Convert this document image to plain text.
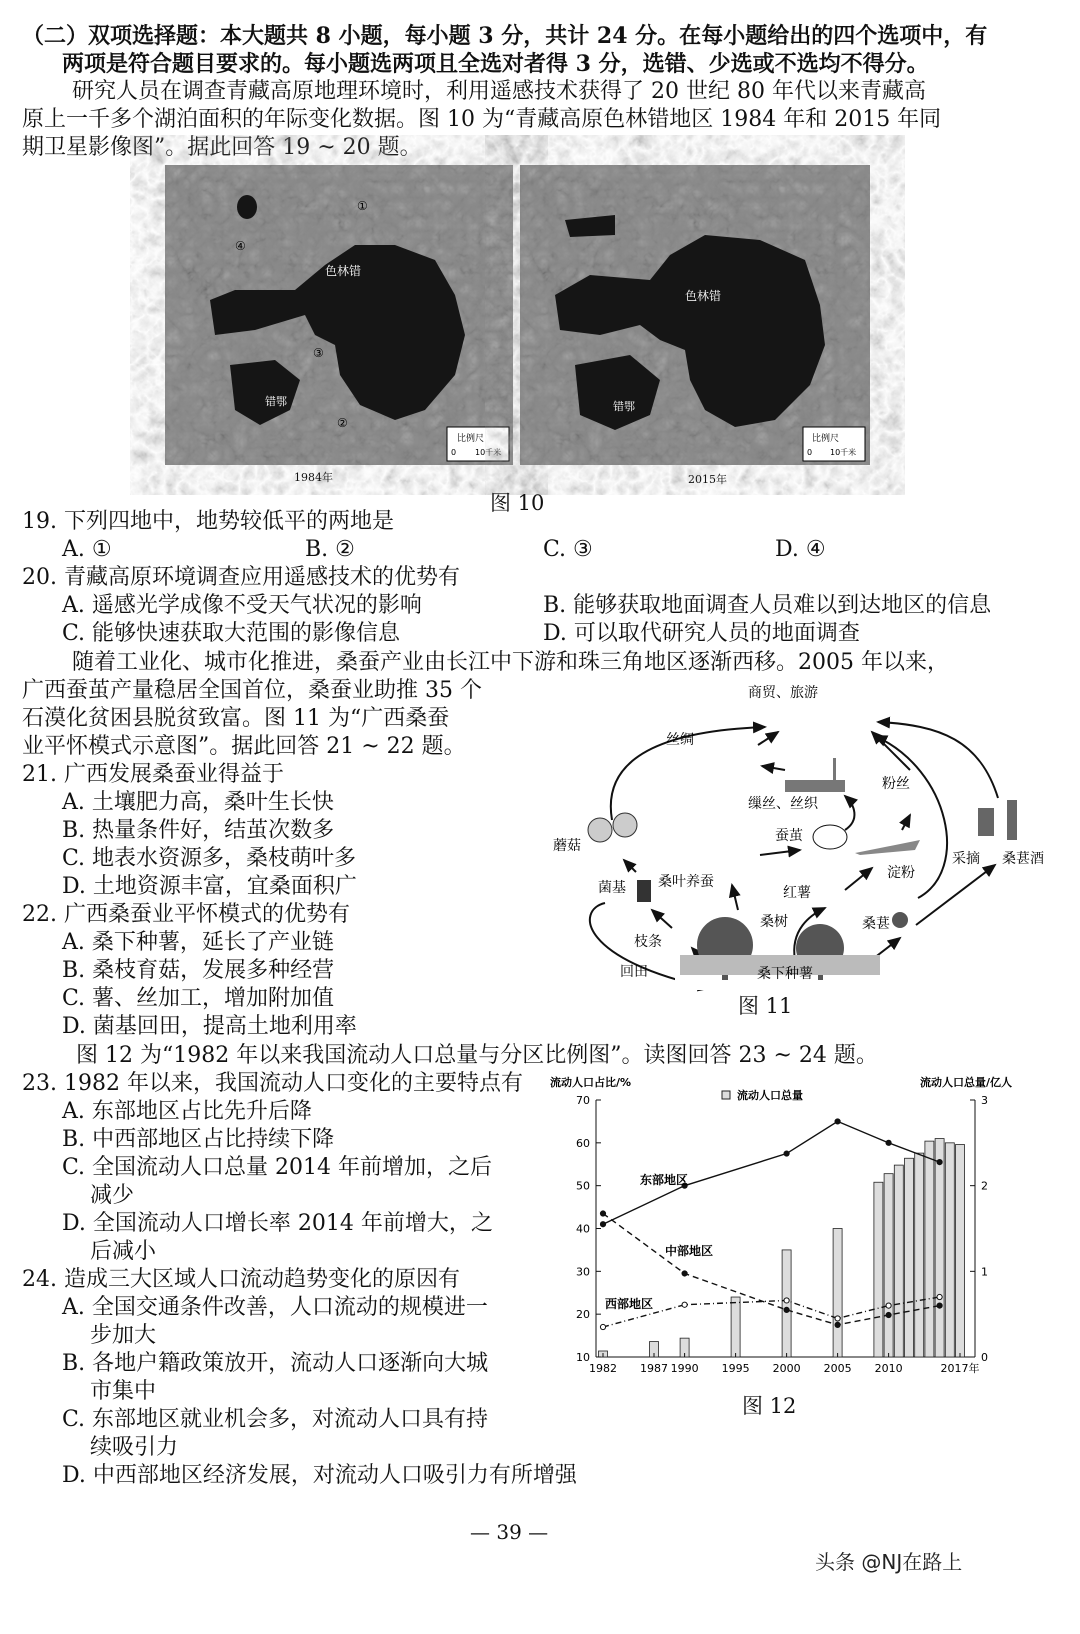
（二）双项选择题：本大题共 8 小题，每小题 3 分，共计 24 分。在每小题给出的四个选项中，有
两项是符合题目要求的。每小题选两项且全选对者得 3 分，选错、少选或不选均不得分。
研究人员在调查青藏高原地理环境时，利用遥感技术获得了 20 世纪 80 年代以来青藏高
原上一千多个湖泊面积的年际变化数据。图 10 为“青藏高原色林错地区 1984 年和 2015 年同
期卫星影像图”。据此回答 19 ~ 20 题。
色林错
错鄂
①
②
③
④
比例尺
0 10千米
色林错
错鄂
比例尺
0 10千米
1984年	2015年
图 10
19. 下列四地中，地势较低平的两地是
A. ①	B. ②	C. ③	D. ④
20. 青藏高原环境调查应用遥感技术的优势有
A. 遥感光学成像不受天气状况的影响	B. 能够获取地面调查人员难以到达地区的信息
C. 能够快速获取大范围的影像信息	D. 可以取代研究人员的地面调查
随着工业化、城市化推进，桑蚕产业由长江中下游和珠三角地区逐渐西移。2005 年以来，
广西蚕茧产量稳居全国首位，桑蚕业助推 35 个
石漠化贫困县脱贫致富。图 11 为“广西桑蚕
业平怀模式示意图”。据此回答 21 ~ 22 题。
21. 广西发展桑蚕业得益于
A. 土壤肥力高，桑叶生长快
B. 热量条件好，结茧次数多
C. 地表水资源多，桑枝萌叶多
D. 土地资源丰富，宜桑面积广
22. 广西桑蚕业平怀模式的优势有
A. 桑下种薯，延长了产业链
B. 桑枝育菇，发展多种经营
C. 薯、丝加工，增加附加值
D. 菌基回田，提高土地利用率
商贸、旅游
丝绸
缫丝、丝织
粉丝
蘑菇
蚕茧
桑叶养蚕
淀粉
采摘 桑葚酒
菌基	红薯
桑树	桑葚
枝条
回田	桑下种薯
图 11
图 12 为“1982 年以来我国流动人口总量与分区比例图”。读图回答 23 ~ 24 题。
23. 1982 年以来，我国流动人口变化的主要特点有
A. 东部地区占比先升后降
B. 中西部地区占比持续下降
C. 全国流动人口总量 2014 年前增加，之后
减少
D. 全国流动人口增长率 2014 年前增大，之
后减小
24. 造成三大区域人口流动趋势变化的原因有
A. 全国交通条件改善，人口流动的规模进一
步加大
B. 各地户籍政策放开，流动人口逐渐向大城
市集中
C. 东部地区就业机会多，对流动人口具有持
续吸引力
D. 中西部地区经济发展，对流动人口吸引力有所增强
10
20
30
40
50
60
70
0
1
2
3
1982 1987 1990 1995 2000 2005 2010	2017年
流动人口占比/%	流动人口总量/亿人
流动人口总量
东部地区
中部地区
西部地区
图 12
— 39 —
头条 @NJ在路上
